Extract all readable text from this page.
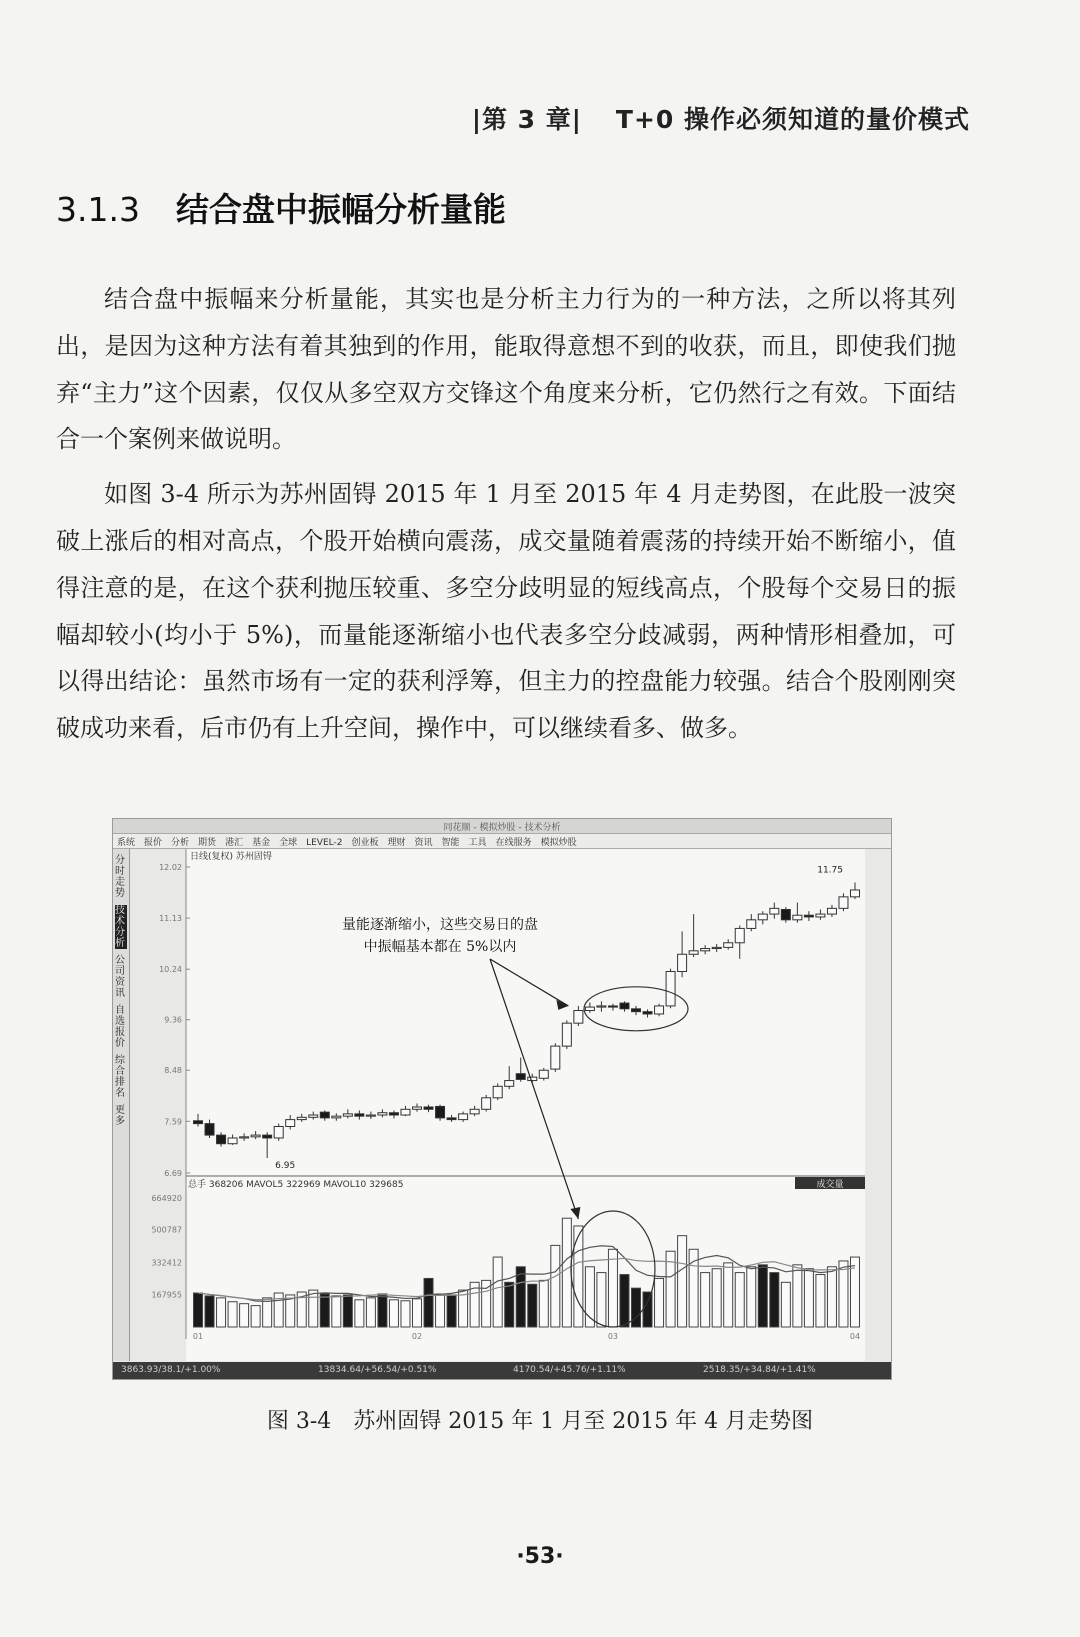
|第 3 章| T+0 操作必须知道的量价模式
3.1.3 结合盘中振幅分析量能

结合盘中振幅来分析量能，其实也是分析主力行为的一种方法，之所以将其列出，是因为这种方法有着其独到的作用，能取得意想不到的收获，而且，即使我们抛弃“主力”这个因素，仅仅从多空双方交锋这个角度来分析，它仍然行之有效。下面结合一个案例来做说明。

如图 3-4 所示为苏州固锝 2015 年 1 月至 2015 年 4 月走势图，在此股一波突破上涨后的相对高点，个股开始横向震荡，成交量随着震荡的持续开始不断缩小，值得注意的是，在这个获利抛压较重、多空分歧明显的短线高点，个股每个交易日的振幅却较小(均小于 5%)，而量能逐渐缩小也代表多空分歧减弱，两种情形相叠加，可以得出结论：虽然市场有一定的获利浮筹，但主力的控盘能力较强。结合个股刚刚突破成功来看，后市仍有上升空间，操作中，可以继续看多、做多。

同花顺 - 模拟炒股 - 技术分析
系统 报价 分析 期货 港汇 基金 全球 LEVEL-2 创业板 理财 资讯 智能 工具 在线服务 模拟炒股
分时走势
技术分析
公司资讯
自选报价
综合排名
更多
日线(复权) 苏州固锝
总手 368206 MAVOL5 322969 MAVOL10 329685	成交量
12.02
11.13
10.24
9.36
8.48
7.59
6.69
664920
500787
332412
167955
01	02	03	04
11.75
6.95
量能逐渐缩小，这些交易日的盘
中振幅基本都在 5%以内
3863.93/38.1/+1.00%	13834.64/+56.54/+0.51%	4170.54/+45.76/+1.11%	2518.35/+34.84/+1.41%
图 3-4 苏州固锝 2015 年 1 月至 2015 年 4 月走势图
·53·
